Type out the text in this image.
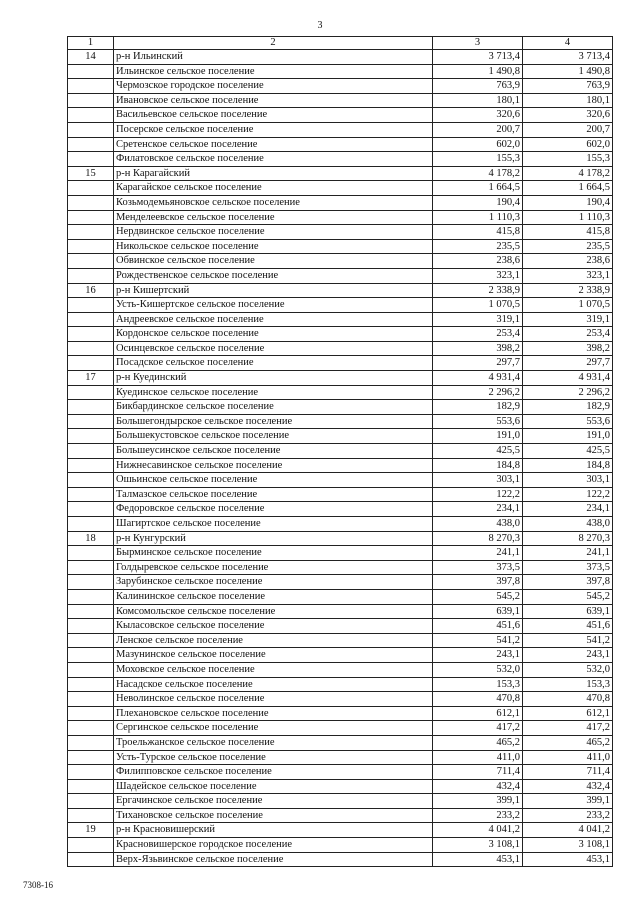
3
1	2	3	4
14	р-н Ильинский	3 713,4	3 713,4
	Ильинское сельское поселение	1 490,8	1 490,8
	Чермозское городское поселение	763,9	763,9
	Ивановское сельское поселение	180,1	180,1
	Васильевское сельское поселение	320,6	320,6
	Посерское сельское поселение	200,7	200,7
	Сретенское сельское поселение	602,0	602,0
	Филатовское сельское поселение	155,3	155,3
15	р-н Карагайский	4 178,2	4 178,2
	Карагайское сельское поселение	1 664,5	1 664,5
	Козьмодемьяновское сельское поселение	190,4	190,4
	Менделеевское сельское поселение	1 110,3	1 110,3
	Нердвинское сельское поселение	415,8	415,8
	Никольское сельское поселение	235,5	235,5
	Обвинское сельское поселение	238,6	238,6
	Рождественское сельское поселение	323,1	323,1
16	р-н Кишертский	2 338,9	2 338,9
	Усть-Кишертское сельское поселение	1 070,5	1 070,5
	Андреевское сельское поселение	319,1	319,1
	Кордонское сельское поселение	253,4	253,4
	Осинцевское сельское поселение	398,2	398,2
	Посадское сельское поселение	297,7	297,7
17	р-н Куединский	4 931,4	4 931,4
	Куединское сельское поселение	2 296,2	2 296,2
	Бикбардинское сельское поселение	182,9	182,9
	Большегондырское сельское поселение	553,6	553,6
	Большекустовское сельское поселение	191,0	191,0
	Большеусинское сельское поселение	425,5	425,5
	Нижнесавинское сельское поселение	184,8	184,8
	Ошьинское сельское поселение	303,1	303,1
	Талмазское сельское поселение	122,2	122,2
	Федоровское сельское поселение	234,1	234,1
	Шагиртское сельское поселение	438,0	438,0
18	р-н Кунгурский	8 270,3	8 270,3
	Бырминское сельское поселение	241,1	241,1
	Голдыревское сельское поселение	373,5	373,5
	Зарубинское сельское поселение	397,8	397,8
	Калининское сельское поселение	545,2	545,2
	Комсомольское сельское поселение	639,1	639,1
	Кыласовское сельское поселение	451,6	451,6
	Ленское сельское поселение	541,2	541,2
	Мазунинское сельское поселение	243,1	243,1
	Моховское сельское поселение	532,0	532,0
	Насадское сельское поселение	153,3	153,3
	Неволинское сельское поселение	470,8	470,8
	Плехановское сельское поселение	612,1	612,1
	Сергинское сельское поселение	417,2	417,2
	Троельжанское сельское поселение	465,2	465,2
	Усть-Турское сельское поселение	411,0	411,0
	Филипповское сельское поселение	711,4	711,4
	Шадейское сельское поселение	432,4	432,4
	Ергачинское сельское поселение	399,1	399,1
	Тихановское сельское поселение	233,2	233,2
19	р-н Красновишерский	4 041,2	4 041,2
	Красновишерское городское поселение	3 108,1	3 108,1
	Верх-Язьвинское сельское поселение	453,1	453,1
7308-16
